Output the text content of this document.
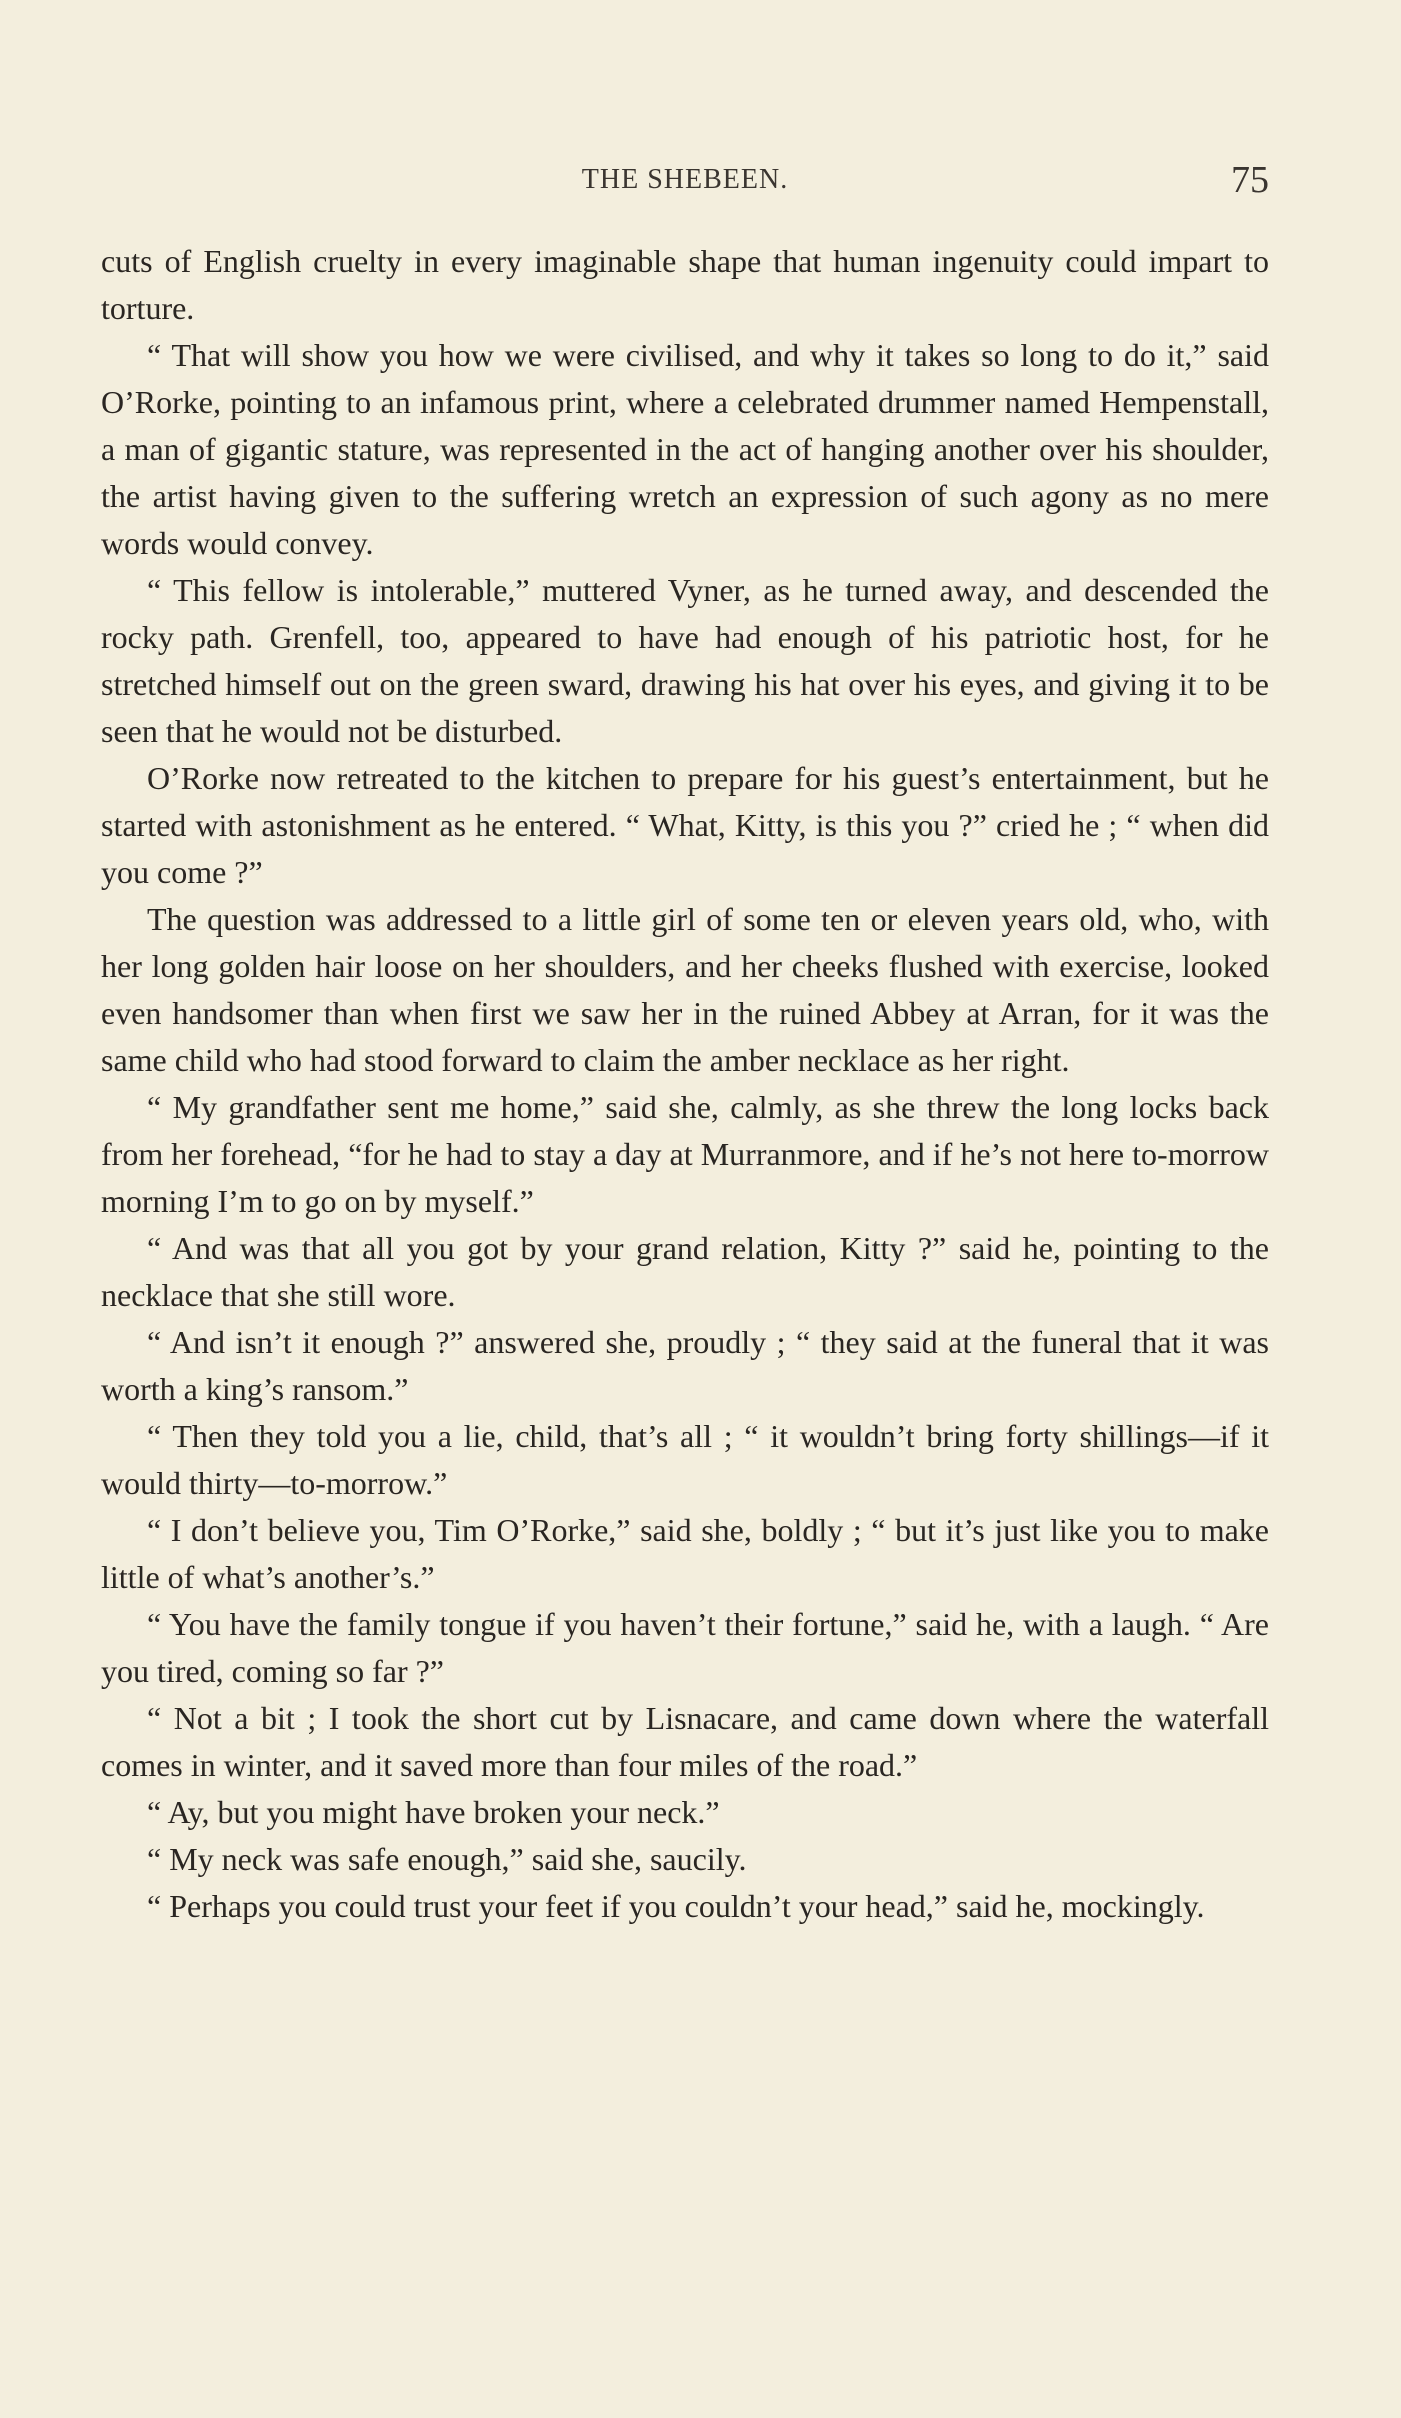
THE SHEBEEN.	75

cuts of English cruelty in every imaginable shape that human ingenuity could impart to torture.

“ That will show you how we were civilised, and why it takes so long to do it,” said O’Rorke, pointing to an infamous print, where a celebrated drummer named Hempenstall, a man of gigantic stature, was represented in the act of hanging another over his shoulder, the artist having given to the suffering wretch an expression of such agony as no mere words would convey.

“ This fellow is intolerable,” muttered Vyner, as he turned away, and descended the rocky path. Grenfell, too, appeared to have had enough of his patriotic host, for he stretched himself out on the green sward, drawing his hat over his eyes, and giving it to be seen that he would not be disturbed.

O’Rorke now retreated to the kitchen to prepare for his guest’s entertainment, but he started with astonishment as he entered. “ What, Kitty, is this you ?” cried he ; “ when did you come ?”

The question was addressed to a little girl of some ten or eleven years old, who, with her long golden hair loose on her shoulders, and her cheeks flushed with exercise, looked even handsomer than when first we saw her in the ruined Abbey at Arran, for it was the same child who had stood forward to claim the amber necklace as her right.

“ My grandfather sent me home,” said she, calmly, as she threw the long locks back from her forehead, “for he had to stay a day at Murranmore, and if he’s not here to-morrow morning I’m to go on by myself.”

“ And was that all you got by your grand relation, Kitty ?” said he, pointing to the necklace that she still wore.

“ And isn’t it enough ?” answered she, proudly ; “ they said at the funeral that it was worth a king’s ransom.”

“ Then they told you a lie, child, that’s all ; “ it wouldn’t bring forty shillings—if it would thirty—to-morrow.”

“ I don’t believe you, Tim O’Rorke,” said she, boldly ; “ but it’s just like you to make little of what’s another’s.”

“ You have the family tongue if you haven’t their fortune,” said he, with a laugh. “ Are you tired, coming so far ?”

“ Not a bit ; I took the short cut by Lisnacare, and came down where the waterfall comes in winter, and it saved more than four miles of the road.”

“ Ay, but you might have broken your neck.”

“ My neck was safe enough,” said she, saucily.

“ Perhaps you could trust your feet if you couldn’t your head,” said he, mockingly.
